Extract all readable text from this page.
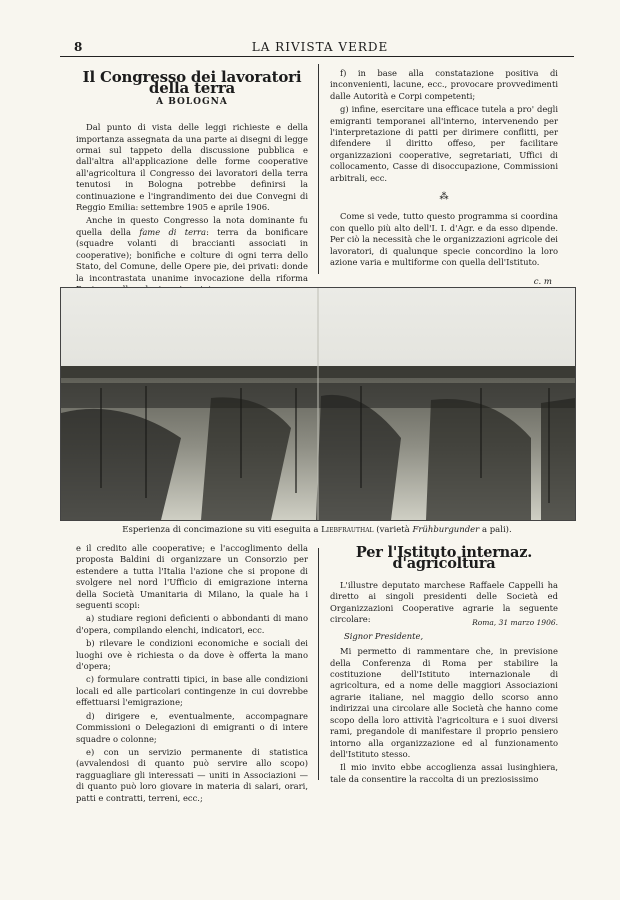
8	LA RIVISTA VERDE
Il Congresso dei lavoratori della terra
A BOLOGNA

Dal punto di vista delle leggi richieste e della importanza assegnata da una parte ai disegni di legge ormai sul tappeto della discussione pubblica e dall'altra all'applicazione delle forme cooperative all'agricoltura il Congresso dei lavoratori della terra tenutosi in Bologna potrebbe definirsi la continuazione e l'ingrandimento dei due Convegni di Reggio Emilia: settembre 1905 e aprile 1906.

Anche in questo Congresso la nota dominante fu quella della fame di terra: terra da bonificare (squadre volanti di braccianti associati in cooperative); bonifiche e colture di ogni terra dello Stato, del Comune, delle Opere pie, dei privati: donde la incontrastata unanime invocazione della riforma

f) in base alla constatazione positiva di inconvenienti, lacune, ecc., provocare provvedimenti dalle Autorità e Corpi competenti;

g) infine, esercitare una efficace tutela a pro' degli emigranti temporanei all'interno, intervenendo per l'interpretazione di patti per dirimere conflitti, per difendere il diritto offeso, per facilitare organizzazioni cooperative, segretariati, Uffici di collocamento, Casse di disoccupazione, Commissioni arbitrali, ecc.

⁂

Come si vede, tutto questo programma si coordina con quello più alto dell'I. I. d'Agr. e da esso dipende. Per ciò la necessità che le organizzazioni agricole dei lavoratori, di qualunque specie concordino la loro azione varia e multiforme con quella dell'Istituto.

c. m
Esperienza di concimazione su viti eseguita a Liebfrauthal (varietà Frühburgunder a pali).

e il credito alle cooperative; e l'accoglimento della proposta Baldini di organizzare un Consorzio per estendere a tutta l'Italia l'azione che si propone di svolgere nel nord l'Ufficio di emigrazione interna della Società Umanitaria di Milano, la quale ha i seguenti scopi:

a) studiare regioni deficienti o abbondanti di mano d'opera, compilando elenchi, indicatori, ecc.

b) rilevare le condizioni economiche e sociali dei luoghi ove è richiesta o da dove è offerta la mano d'opera;

c) formulare contratti tipici, in base alle condizioni locali ed alle particolari contingenze in cui dovrebbe effettuarsi l'emigrazione;

d) dirigere e, eventualmente, accompagnare Commissioni o Delegazioni di emigranti o di intere squadre o colonne;

e) con un servizio permanente di statistica (avvalendosi di quanto può servire allo scopo) ragguagliare gli interessati — uniti in Associazioni — di quanto può loro giovare in materia di salari, orari, patti e contratti, terreni, ecc.;

Per l'Istituto internaz. d'agricoltura

L'illustre deputato marchese Raffaele Cappelli ha diretto ai singoli presidenti delle Società ed Organizzazioni Cooperative agrarie la seguente circolare:	Roma, 31 marzo 1906.
Signor Presidente,

Mi permetto di rammentare che, in previsione della Conferenza di Roma per stabilire la costituzione dell'Istituto internazionale di agricoltura, ed a nome delle maggiori Associazioni agrarie italiane, nel maggio dello scorso anno indirizzai una circolare alle Società che hanno come scopo della loro attività l'agricoltura e i suoi diversi rami, pregandole di manifestare il proprio pensiero intorno alla organizzazione ed al funzionamento dell'Istituto stesso.

Il mio invito ebbe accoglienza assai lusinghiera, tale da consentire la raccolta di un preziosissimo
